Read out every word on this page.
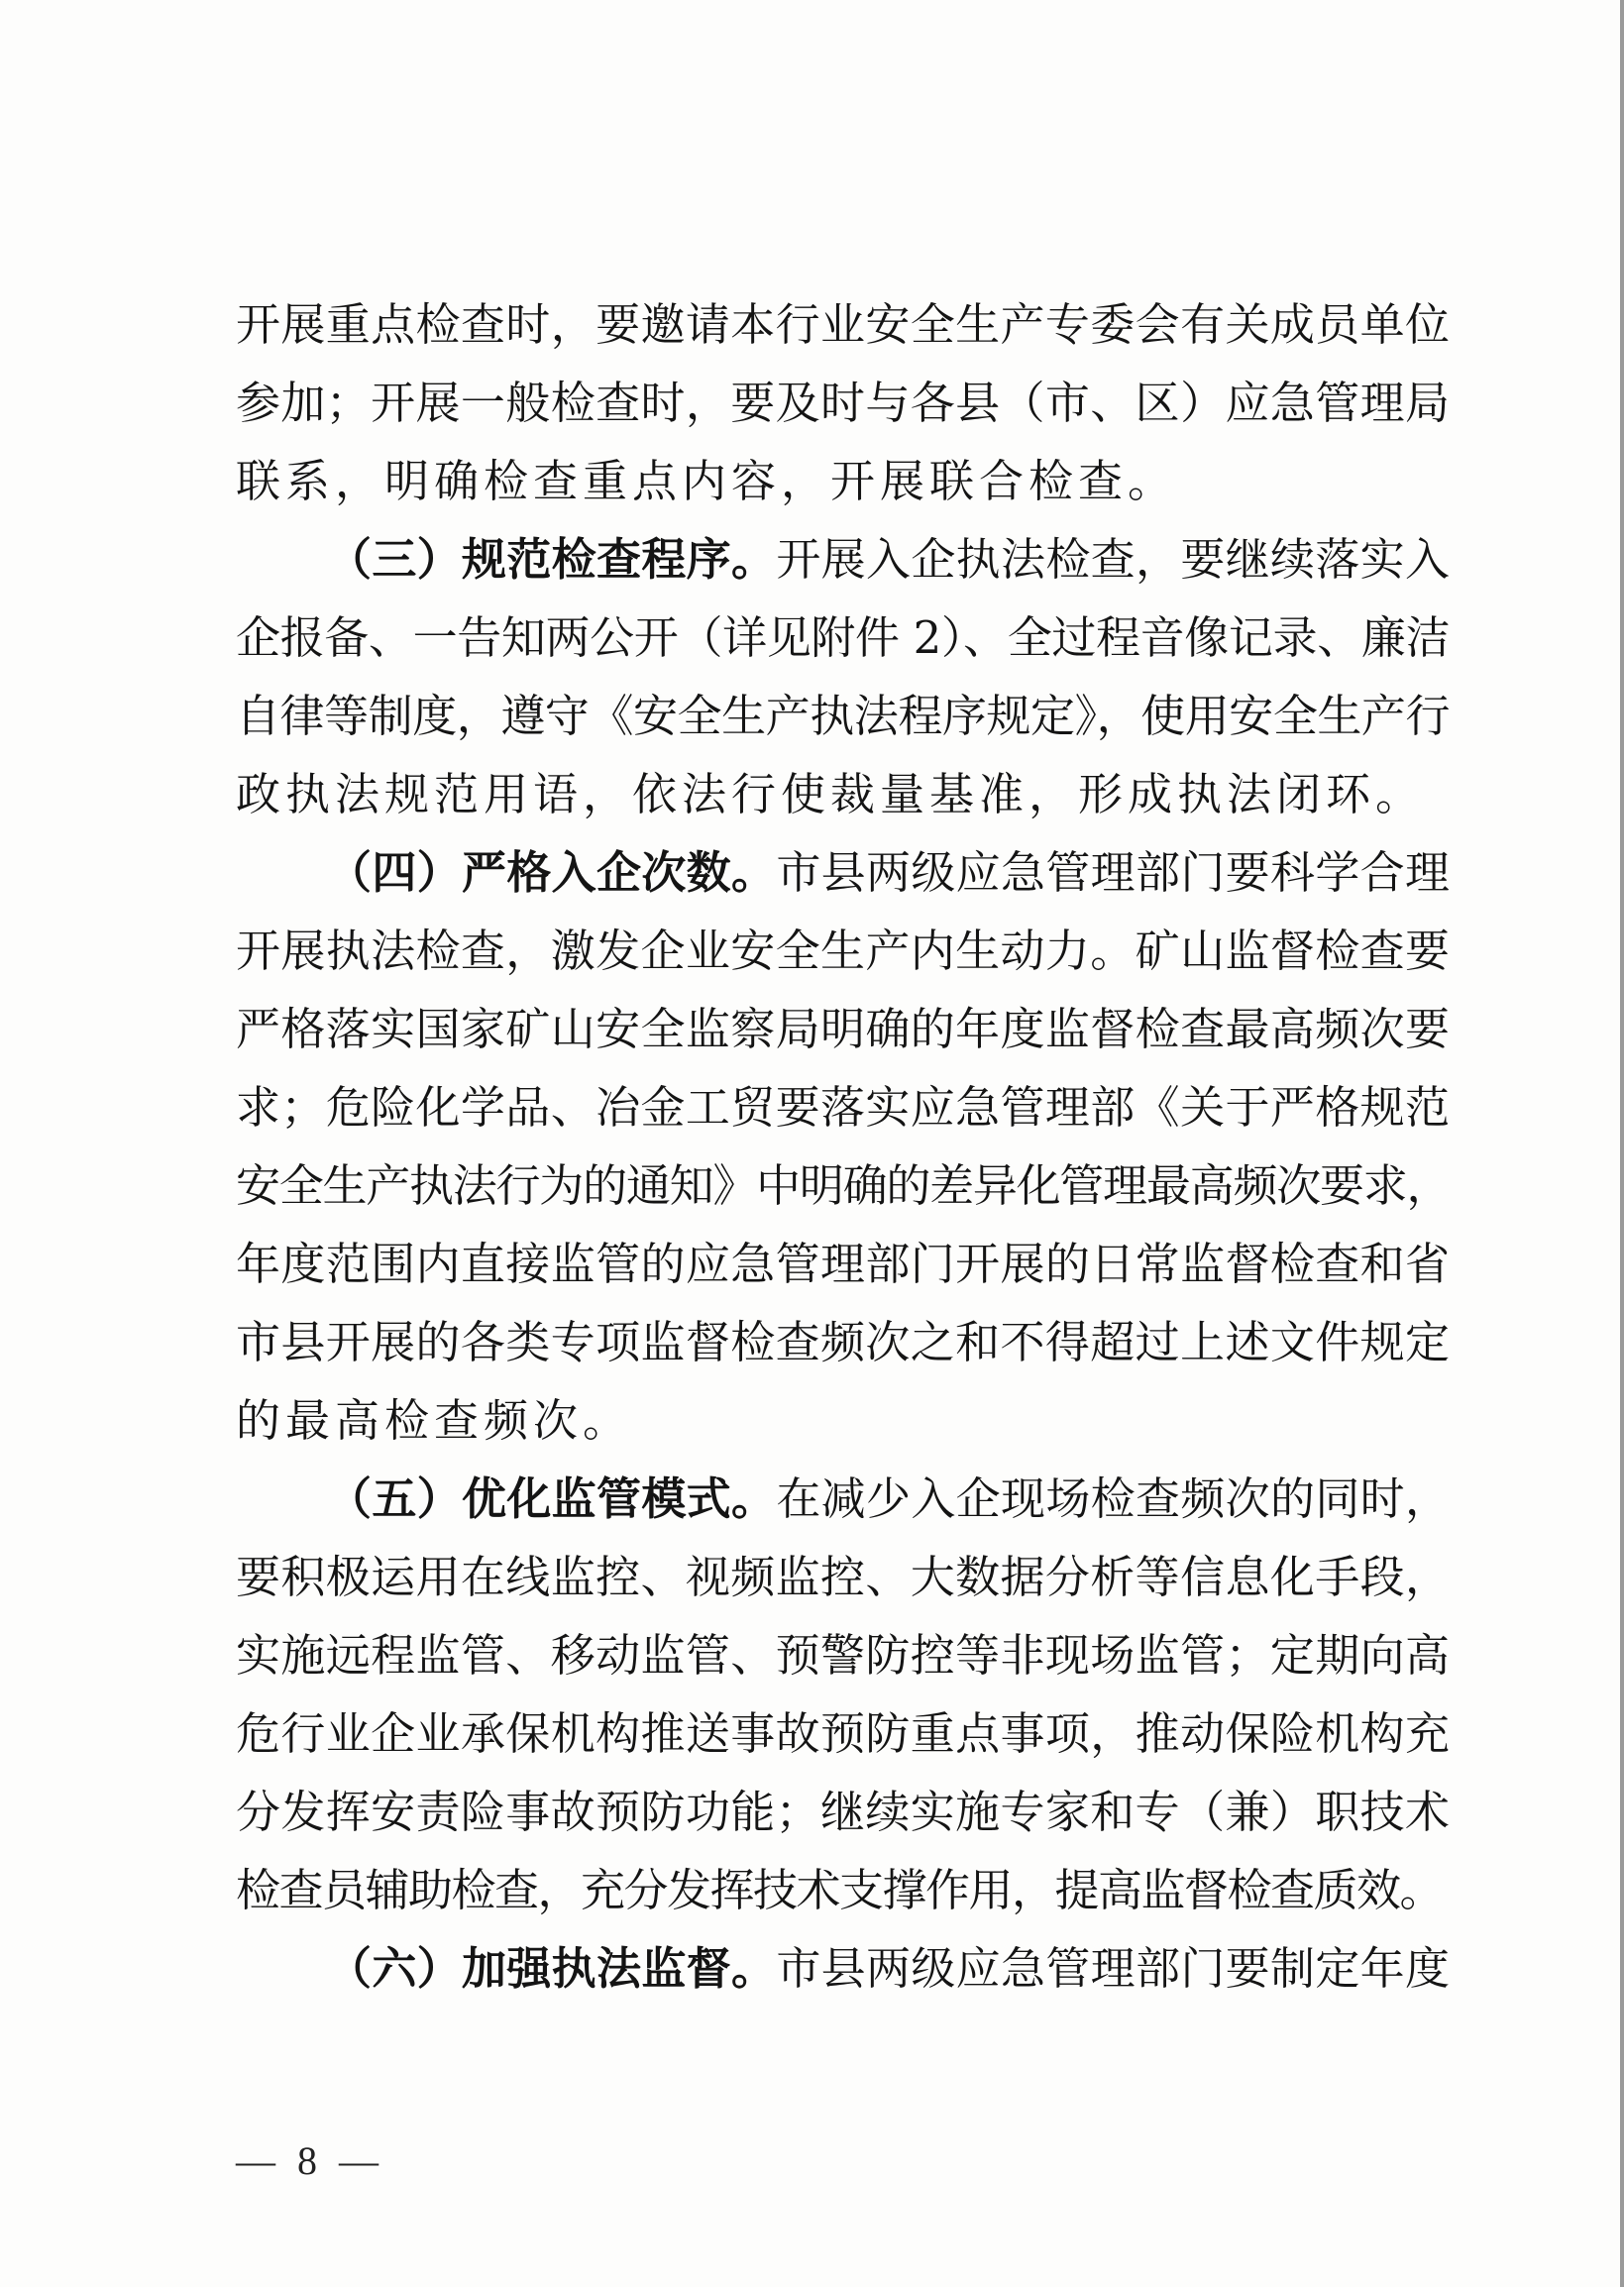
开展重点检查时，要邀请本行业安全生产专委会有关成员单位
参加；开展一般检查时，要及时与各县（市、区）应急管理局
联系，明确检查重点内容，开展联合检查。
（三）规范检查程序。开展入企执法检查，要继续落实入
企报备、一告知两公开（详见附件 2）、全过程音像记录、廉洁
自律等制度，遵守《安全生产执法程序规定》，使用安全生产行
政执法规范用语，依法行使裁量基准，形成执法闭环。
（四）严格入企次数。市县两级应急管理部门要科学合理
开展执法检查，激发企业安全生产内生动力。矿山监督检查要
严格落实国家矿山安全监察局明确的年度监督检查最高频次要
求；危险化学品、冶金工贸要落实应急管理部《关于严格规范
安全生产执法行为的通知》中明确的差异化管理最高频次要求，
年度范围内直接监管的应急管理部门开展的日常监督检查和省
市县开展的各类专项监督检查频次之和不得超过上述文件规定
的最高检查频次。
（五）优化监管模式。在减少入企现场检查频次的同时，
要积极运用在线监控、视频监控、大数据分析等信息化手段，
实施远程监管、移动监管、预警防控等非现场监管；定期向高
危行业企业承保机构推送事故预防重点事项，推动保险机构充
分发挥安责险事故预防功能；继续实施专家和专（兼）职技术
检查员辅助检查，充分发挥技术支撑作用，提高监督检查质效。
（六）加强执法监督。市县两级应急管理部门要制定年度
— 8 —
